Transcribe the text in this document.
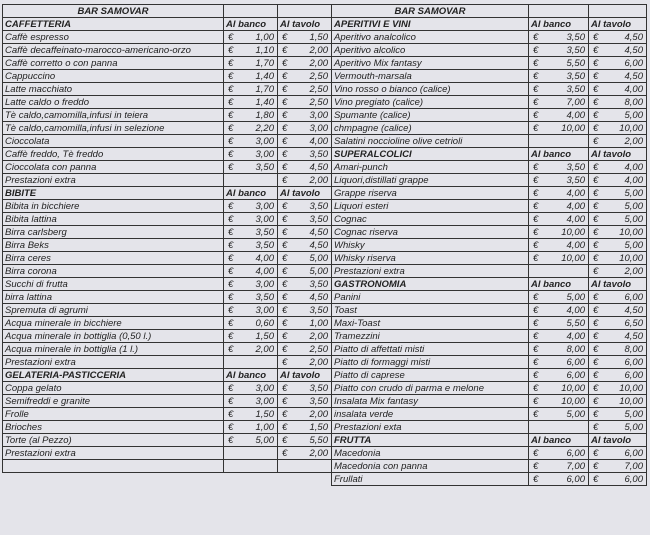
BAR SAMOVAR		
CAFFETTERIA	Al banco	Al tavolo
Caffè espresso	€ 1,00	€ 1,50

Caffè decaffeinato-marocco-americano-orzo	€ 1,10	€ 2,00

Caffè corretto o con panna	€ 1,70	€ 2,00

Cappuccino	€ 1,40	€ 2,50

Latte macchiato	€ 1,70	€ 2,50

Latte caldo o freddo	€ 1,40	€ 2,50

Tè caldo,camomilla,infusi in teiera	€ 1,80	€ 3,00

Tè caldo,camomilla,infusi in selezione	€ 2,20	€ 3,00

Cioccolata	€ 3,00	€ 4,00

Caffè freddo, Tè freddo	€ 3,00	€ 3,50

Cioccolata con panna	€ 3,50	€ 4,50

Prestazioni extra		€ 2,00

BIBITE	Al banco	Al tavolo
Bibita in bicchiere	€ 3,00	€ 3,50

Bibita lattina	€ 3,00	€ 3,50

Birra carlsberg	€ 3,50	€ 4,50

Birra Beks	€ 3,50	€ 4,50

Birra ceres	€ 4,00	€ 5,00

Birra corona	€ 4,00	€ 5,00

Succhi di frutta	€ 3,00	€ 3,50

birra lattina	€ 3,50	€ 4,50

Spremuta di agrumi	€ 3,00	€ 3,50

Acqua minerale in bicchiere	€ 0,60	€ 1,00

Acqua minerale in bottiglia (0,50 l.)	€ 1,50	€ 2,00

Acqua minerale in bottiglia (1 l.)	€ 2,00	€ 2,50

Prestazioni extra		€ 2,00

GELATERIA-PASTICCERIA	Al banco	Al tavolo
Coppa gelato	€ 3,00	€ 3,50

Semifreddi e granite	€ 3,00	€ 3,50

Frolle	€ 1,50	€ 2,00

Brioches	€ 1,00	€ 1,50

Torte (al Pezzo)	€ 5,00	€ 5,50

Prestazioni extra		€ 2,00

BAR SAMOVAR		
APERITIVI E VINI	Al banco	Al tavolo
Aperitivo analcolico	€ 3,50	€ 4,50

Aperitivo alcolico	€ 3,50	€ 4,50

Aperitivo Mix fantasy	€ 5,50	€ 6,00

Vermouth-marsala	€ 3,50	€ 4,50

Vino rosso o bianco (calice)	€ 3,50	€ 4,00

Vino pregiato (calice)	€ 7,00	€ 8,00

Spumante (calice)	€ 4,00	€ 5,00

chmpagne (calice)	€ 10,00	€ 10,00

Salatini noccioline olive cetrioli		€ 2,00

SUPERALCOLICI	Al banco	Al tavolo
Amari-punch	€ 3,50	€ 4,00

Liquori,distillati grappe	€ 3,50	€ 4,00

Grappe riserva	€ 4,00	€ 5,00

Liquori esteri	€ 4,00	€ 5,00

Cognac	€ 4,00	€ 5,00

Cognac riserva	€ 10,00	€ 10,00

Whisky	€ 4,00	€ 5,00

Whisky riserva	€ 10,00	€ 10,00

Prestazioni extra		€ 2,00

GASTRONOMIA	Al banco	Al tavolo
Panini	€ 5,00	€ 6,00

Toast	€ 4,00	€ 4,50

Maxi-Toast	€ 5,50	€ 6,50

Tramezzini	€ 4,00	€ 4,50

Piatto di affettati misti	€ 8,00	€ 8,00

Piatto di formaggi misti	€ 6,00	€ 6,00

Piatto di caprese	€ 6,00	€ 6,00

Piatto con crudo di parma e melone	€ 10,00	€ 10,00

Insalata Mix fantasy	€ 10,00	€ 10,00

insalata verde	€ 5,00	€ 5,00

Prestazioni exta		€ 5,00

FRUTTA	Al banco	Al tavolo
Macedonia	€ 6,00	€ 6,00

Macedonia con panna	€ 7,00	€ 7,00

Frullati	€ 6,00	€ 6,00
